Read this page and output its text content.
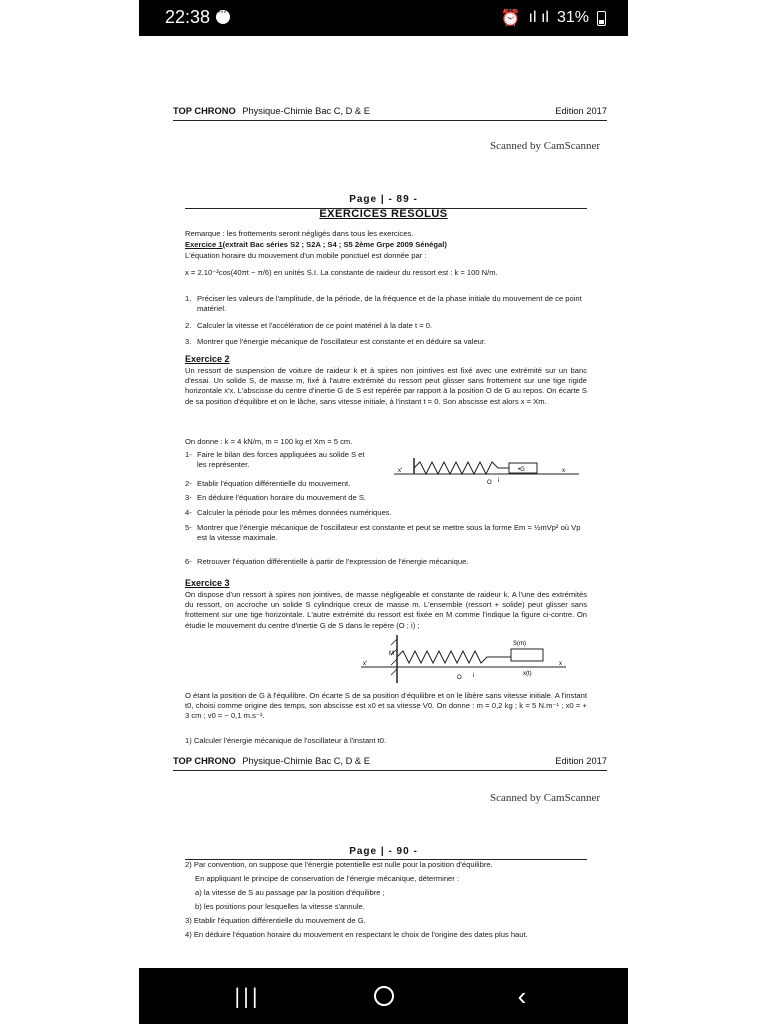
22:38
···	⏰ ıl ıl 31%
TOP CHRONO Physique-Chimie Bac C, D & E	Edition 2017
Scanned by CamScanner
Page | - 89 -
EXERCICES RESOLUS
Remarque : les frottements seront négligés dans tous les exercices.
Exercice 1(extrait Bac séries S2 ; S2A ; S4 ; S5 2ème Grpe 2009 Sénégal)
L'équation horaire du mouvement d'un mobile ponctuel est donnée par :
x = 2.10⁻²cos(40πt − π/6) en unités S.I. La constante de raideur du ressort est : k = 100 N/m.
1. Préciser les valeurs de l'amplitude, de la période, de la fréquence et de la phase initiale du mouvement de ce point matériel.
2. Calculer la vitesse et l'accélération de ce point matériel à la date t = 0.
3. Montrer que l'énergie mécanique de l'oscillateur est constante et en déduire sa valeur.
Exercice 2
Un ressort de suspension de voiture de raideur k et à spires non jointives est fixé avec une extrémité sur un banc d'essai. Un solide S, de masse m, fixé à l'autre extrémité du ressort peut glisser sans frottement sur une tige rigide horizontale x'x. L'abscisse du centre d'inertie G de S est repérée par rapport à la position O de G au repos. On écarte S de sa position d'équilibre et on le lâche, sans vitesse initiale, à l'instant t = 0. Son abscisse est alors x = Xm.
On donne : k = 4 kN/m, m = 100 kg et Xm = 5 cm.
1- Faire le bilan des forces appliquées au solide S et les représenter.
•G
x'	x
O i
2- Etablir l'équation différentielle du mouvement.
3- En déduire l'équation horaire du mouvement de S.
4- Calculer la période pour les mêmes données numériques.
5- Montrer que l'énergie mécanique de l'oscillateur est constante et peut se mettre sous la forme Em = ½mVp² où Vp est la vitesse maximale.
6- Retrouver l'équation différentielle à partir de l'expression de l'énergie mécanique.
Exercice 3
On dispose d'un ressort à spires non jointives, de masse négligeable et constante de raideur k. A l'une des extrémités du ressort, on accroche un solide S cylindrique creux de masse m. L'ensemble (ressort + solide) peut glisser sans frottement sur une tige horizontale. L'autre extrémité du ressort est fixée en M comme l'indique la figure ci-contre. On étudie le mouvement du centre d'inertie G de S dans le repère (O ; i) ;
M
S(m)
x'	x
O i	x(t)
O étant la position de G à l'équilibre. On écarte S de sa position d'équilibre et on le libère sans vitesse initiale. A l'instant t0, choisi comme origine des temps, son abscisse est x0 et sa vitesse V0. On donne : m = 0,2 kg ; k = 5 N.m⁻¹ ; x0 = + 3 cm ; v0 = − 0,1 m.s⁻¹.
1) Calculer l'énergie mécanique de l'oscillateur à l'instant t0.
TOP CHRONO Physique-Chimie Bac C, D & E	Edition 2017
Scanned by CamScanner
Page | - 90 -
2) Par convention, on suppose que l'énergie potentielle est nulle pour la position d'équilibre.
En appliquant le principe de conservation de l'énergie mécanique, déterminer :
a) la vitesse de S au passage par la position d'équilibre ;
b) les positions pour lesquelles la vitesse s'annule.
3) Etablir l'équation différentielle du mouvement de G.
4) En déduire l'équation horaire du mouvement en respectant le choix de l'origine des dates plus haut.
|||	‹
